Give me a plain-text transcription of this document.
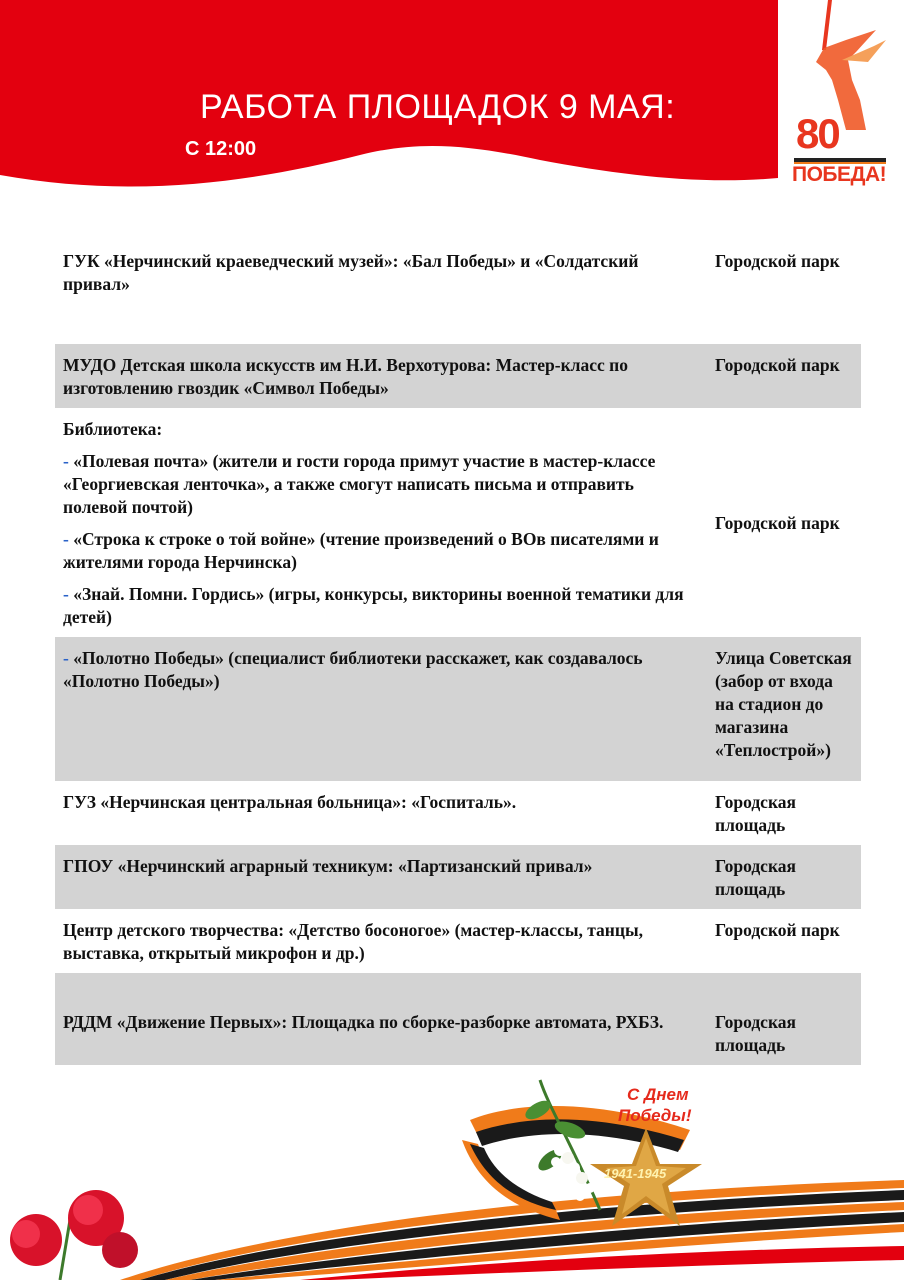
РАБОТА ПЛОЩАДОК 9 МАЯ:
С 12:00	80
ПОБЕДА!
ГУК «Нерчинский краеведческий музей»: «Бал Победы» и «Солдатский привал»	Городской парк
МУДО Детская школа искусств им Н.И. Верхотурова: Мастер-класс по изготовлению гвоздик «Символ Победы»	Городской парк

Библиотека:

- «Полевая почта» (жители и гости города примут участие в мастер-классе «Георгиевская ленточка», а также смогут написать письма и отправить полевой почтой)

- «Строка к строке о той войне» (чтение произведений о ВОв писателями и жителями города Нерчинска)

- «Знай. Помни. Гордись» (игры, конкурсы, викторины военной тематики для детей)	Городской парк
- «Полотно Победы» (специалист библиотеки расскажет, как создавалось «Полотно Победы»)	Улица Советская (забор от входа на стадион до магазина «Теплострой»)
ГУЗ «Нерчинская центральная больница»: «Госпиталь».	Городская площадь
ГПОУ «Нерчинский аграрный техникум: «Партизанский привал»	Городская площадь
Центр детского творчества: «Детство босоногое» (мастер-классы, танцы, выставка, открытый микрофон и др.)	Городской парк
РДДМ «Движение Первых»: Площадка по сборке-разборке автомата, РХБЗ.	Городская площадь
С Днем
Победы!
1941-1945
